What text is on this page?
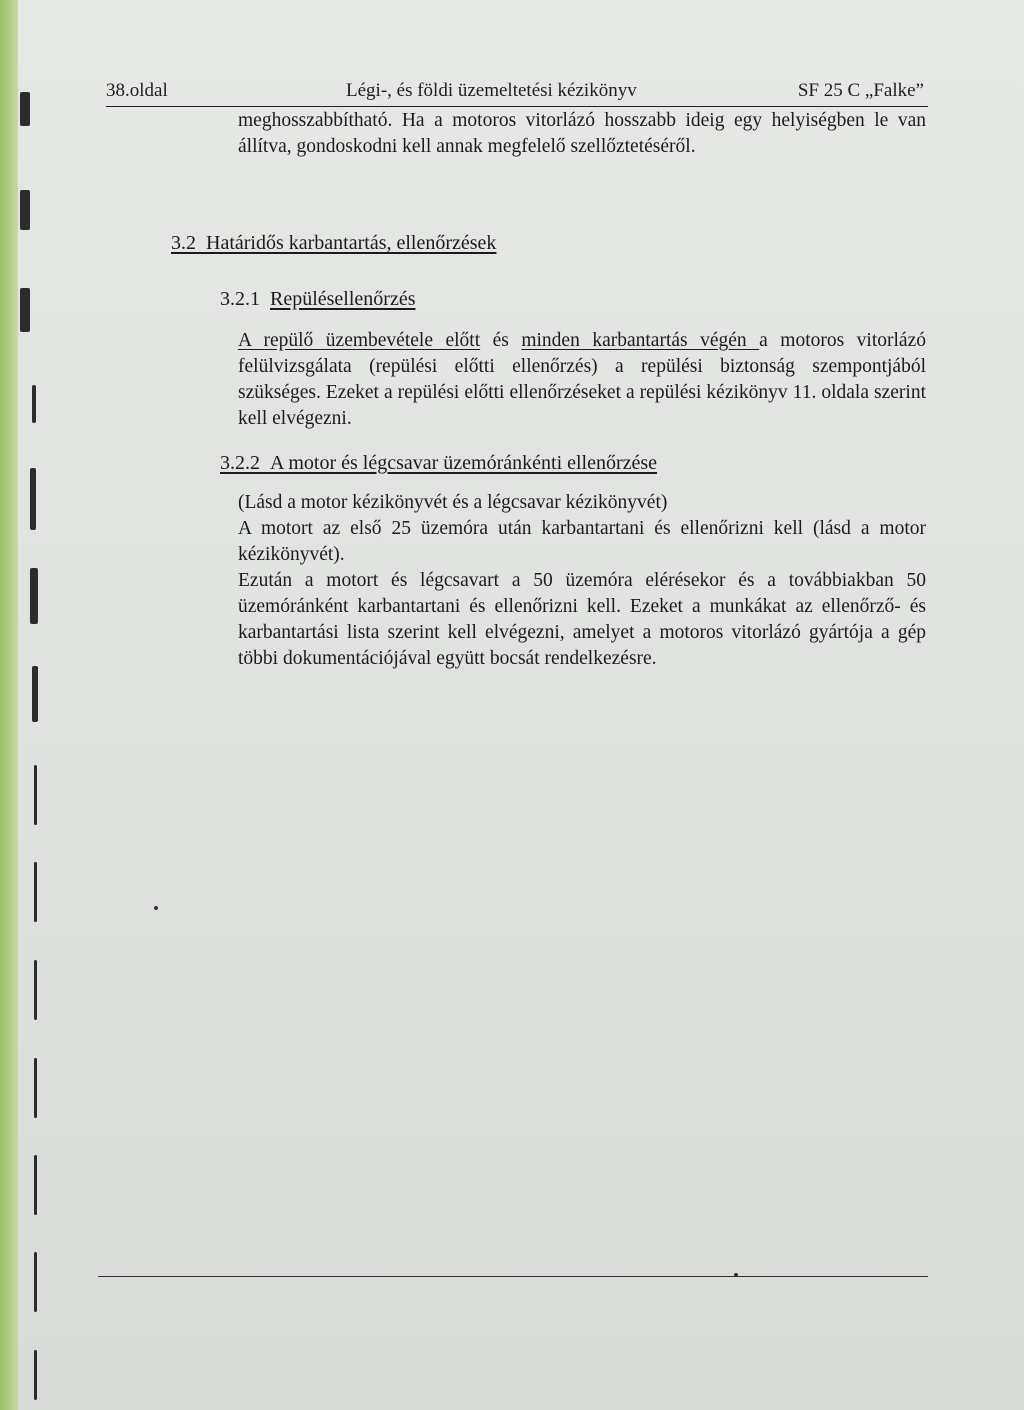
38.oldal	Légi-, és földi üzemeltetési kézikönyv	SF 25 C „Falke”

meghosszabbítható. Ha a motoros vitorlázó hosszabb ideig egy helyiségben le van állítva, gondoskodni kell annak megfelelő szellőztetéséről.

3.2 Határidős karbantartás, ellenőrzések
3.2.1 Repülésellenőrzés

A repülő üzembevétele előtt és minden karbantartás végén a motoros vitorlázó felülvizsgálata (repülési előtti ellenőrzés) a repülési biztonság szempontjából szükséges. Ezeket a repülési előtti ellenőrzéseket a repülési kézikönyv 11. oldala szerint kell elvégezni.

3.2.2 A motor és légcsavar üzemóránkénti ellenőrzése

(Lásd a motor kézikönyvét és a légcsavar kézikönyvét)

A motort az első 25 üzemóra után karbantartani és ellenőrizni kell (lásd a motor kézikönyvét).

Ezután a motort és légcsavart a 50 üzemóra elérésekor és a továbbiakban 50 üzemóránként karbantartani és ellenőrizni kell. Ezeket a munkákat az ellenőrző- és karbantartási lista szerint kell elvégezni, amelyet a motoros vitorlázó gyártója a gép többi dokumentációjával együtt bocsát rendelkezésre.
